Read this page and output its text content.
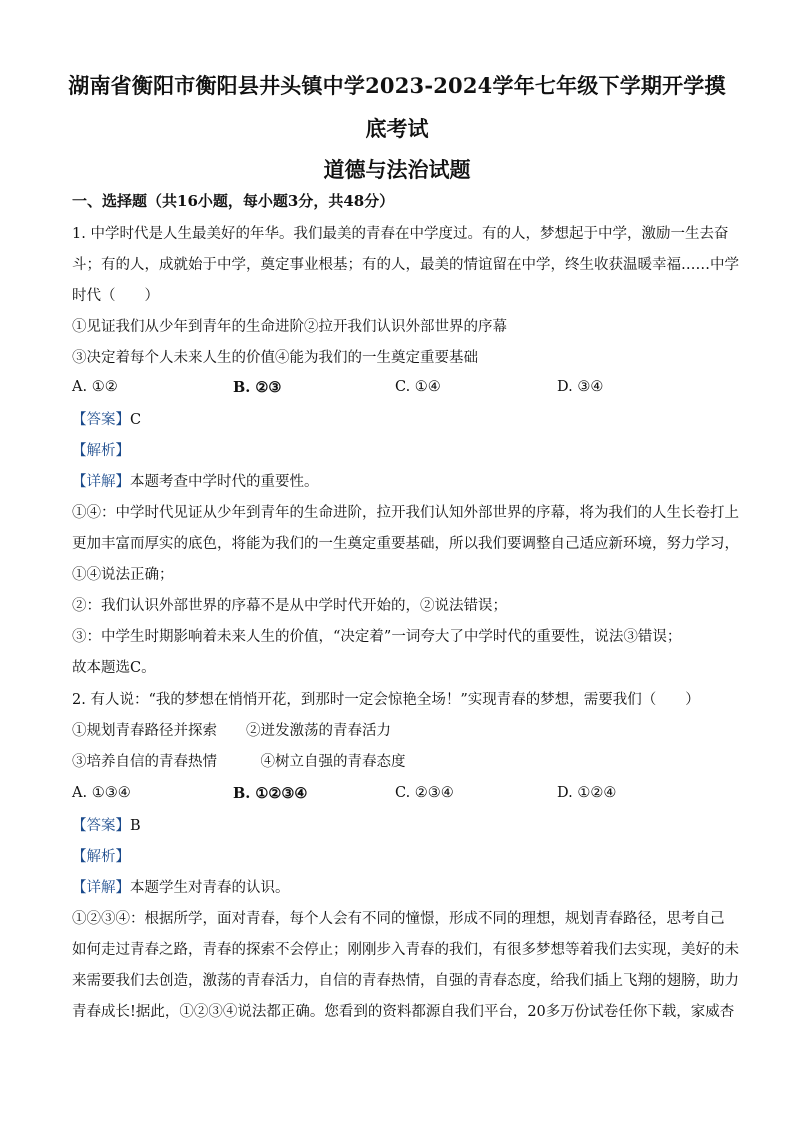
湖南省衡阳市衡阳县井头镇中学2023-2024学年七年级下学期开学摸
底考试
道德与法治试题
一、选择题（共16小题，每小题3分，共48分）
1. 中学时代是人生最美好的年华。我们最美的青春在中学度过。有的人，梦想起于中学，激励一生去奋
斗；有的人，成就始于中学，奠定事业根基；有的人，最美的情谊留在中学，终生收获温暖幸福……中学
时代（　　）
①见证我们从少年到青年的生命进阶②拉开我们认识外部世界的序幕
③决定着每个人未来人生的价值④能为我们的一生奠定重要基础
A. ①②	B. ②③	C. ①④	D. ③④
【答案】C
【解析】
【详解】本题考查中学时代的重要性。
①④：中学时代见证从少年到青年的生命进阶，拉开我们认知外部世界的序幕，将为我们的人生长卷打上
更加丰富而厚实的底色，将能为我们的一生奠定重要基础，所以我们要调整自己适应新环境，努力学习，
①④说法正确；
②：我们认识外部世界的序幕不是从中学时代开始的，②说法错误；
③：中学生时期影响着未来人生的价值，“决定着”一词夸大了中学时代的重要性，说法③错误；
故本题选C。
2. 有人说：“我的梦想在悄悄开花，到那时一定会惊艳全场！”实现青春的梦想，需要我们（　　）
①规划青春路径并探索　　②迸发激荡的青春活力
③培养自信的青春热情　　　④树立自强的青春态度
A. ①③④	B. ①②③④	C. ②③④	D. ①②④
【答案】B
【解析】
【详解】本题学生对青春的认识。
①②③④：根据所学，面对青春，每个人会有不同的憧憬，形成不同的理想，规划青春路径，思考自己
如何走过青春之路，青春的探索不会停止；刚刚步入青春的我们，有很多梦想等着我们去实现，美好的未
来需要我们去创造，激荡的青春活力，自信的青春热情，自强的青春态度，给我们插上飞翔的翅膀，助力
青春成长!据此，①②③④说法都正确。您看到的资料都源自我们平台，20多万份试卷任你下载，家威杏
